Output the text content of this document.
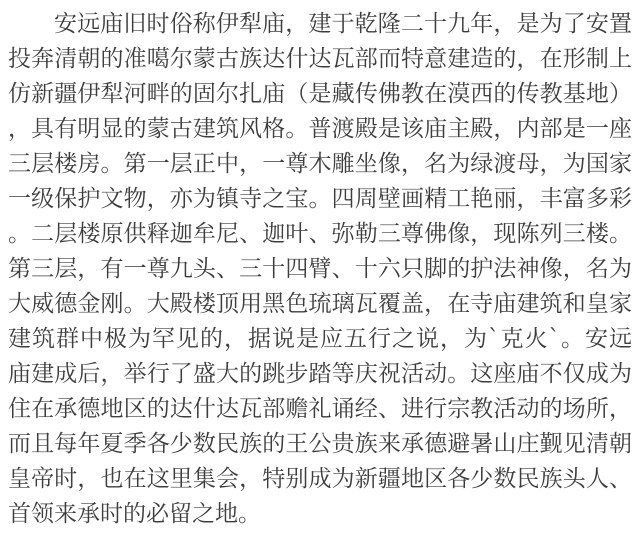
安远庙旧时俗称伊犁庙，建于乾隆二十九年，是为了安置
投奔清朝的准噶尔蒙古族达什达瓦部而特意建造的，在形制上
仿新疆伊犁河畔的固尔扎庙（是藏传佛教在漠西的传教基地）
，具有明显的蒙古建筑风格。普渡殿是该庙主殿，内部是一座
三层楼房。第一层正中，一尊木雕坐像，名为绿渡母，为国家
一级保护文物，亦为镇寺之宝。四周壁画精工艳丽，丰富多彩
。二层楼原供释迦牟尼、迦叶、弥勒三尊佛像，现陈列三楼。
第三层，有一尊九头、三十四臂、十六只脚的护法神像，名为
大威德金刚。大殿楼顶用黑色琉璃瓦覆盖，在寺庙建筑和皇家
建筑群中极为罕见的，据说是应五行之说，为`克火`。安远
庙建成后，举行了盛大的跳步踏等庆祝活动。这座庙不仅成为
住在承德地区的达什达瓦部赡礼诵经、进行宗教活动的场所，
而且每年夏季各少数民族的王公贵族来承德避暑山庄觐见清朝
皇帝时，也在这里集会，特别成为新疆地区各少数民族头人、
首领来承时的必留之地。
